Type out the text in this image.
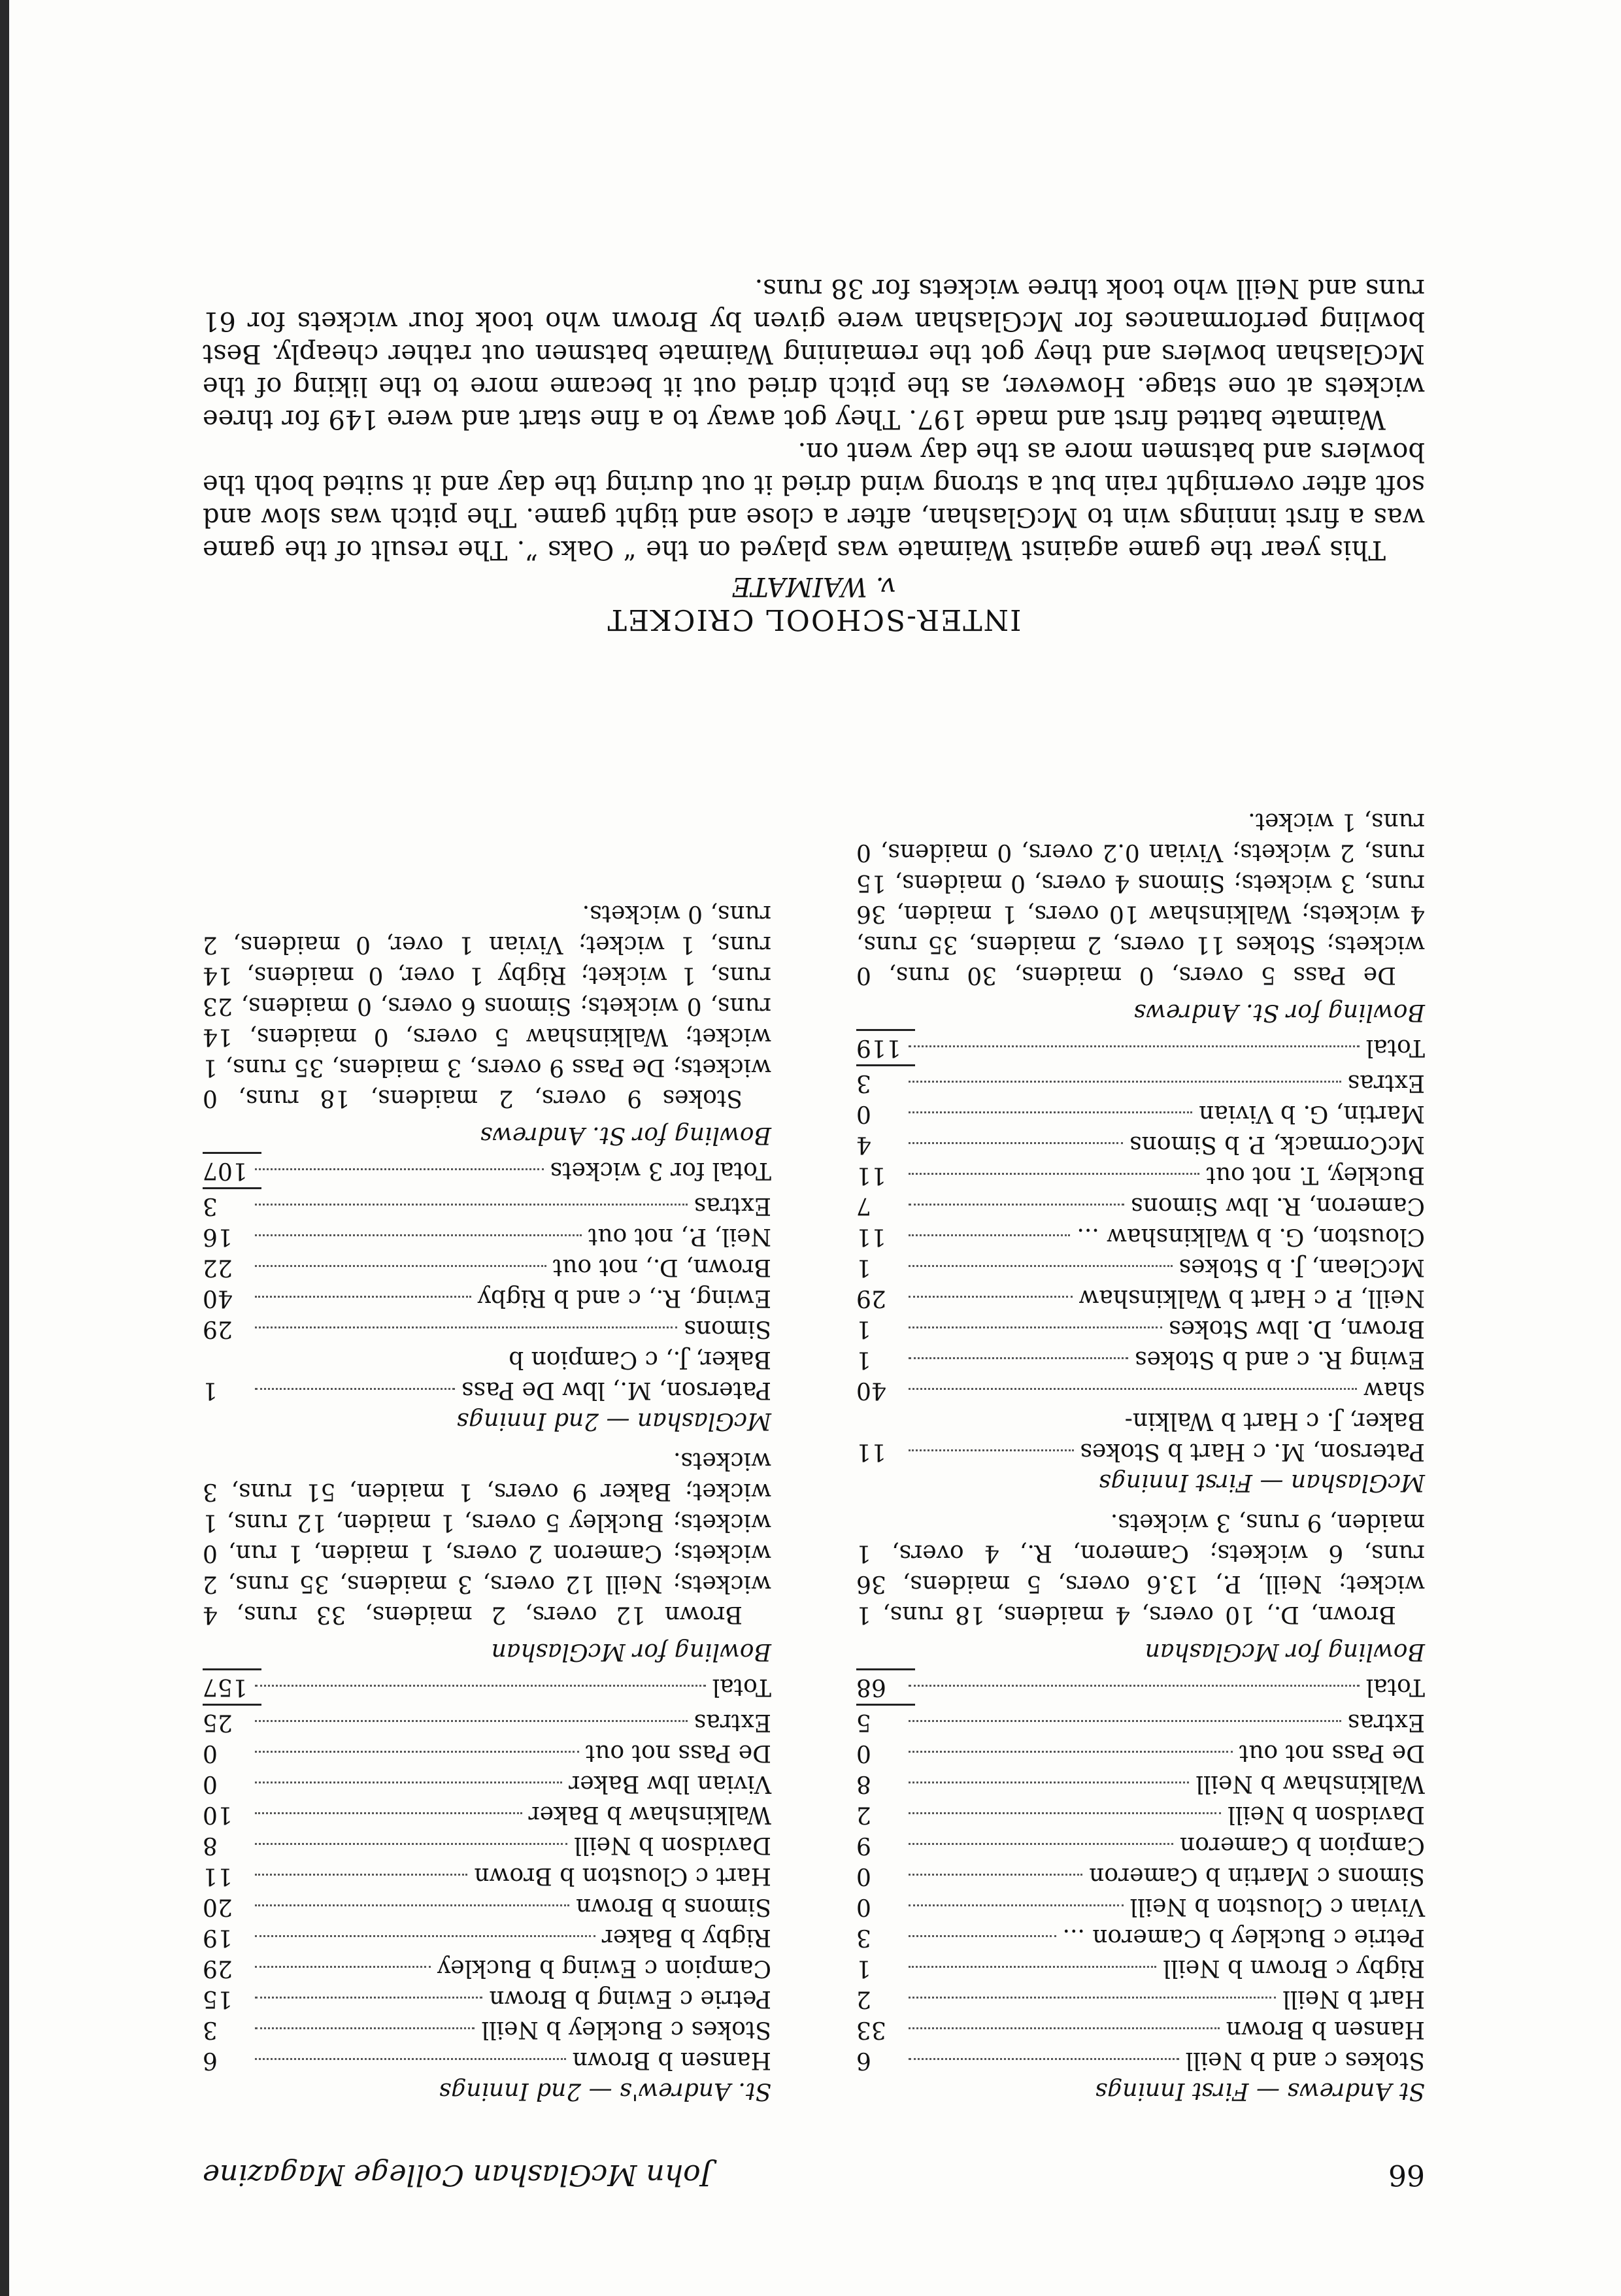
66
John McGlashan College Magazine

St Andrews — First Innings

Stokes c and b Neill
6
Hansen b Brown
33
Hart b Neill
2
Rigby c Brown b Neill
1
Petrie c Buckley b Cameron ...
3
Vivian c Clouston b Neill
0
Simons c Martin b Cameron
0
Campion b Cameron
9
Davidson b Neill
2
Walkinshaw b Neill
8
De Pass not out
0
Extras
5
Total
68

Bowling for McGlashan

Brown, D., 10 overs, 4 maidens, 18 runs, 1 wicket; Neill, P., 13.6 overs, 5 maidens, 36 runs, 6 wickets; Cameron, R., 4 overs, 1 maiden, 9 runs, 3 wickets.

McGlashan — First Innings

Paterson, M. c Hart b Stokes
11
Baker, J. c Hart b Walkin-
shaw
40
Ewing R. c and b Stokes
1
Brown, D. lbw Stokes
1
Neill, P. c Hart b Walkinshaw
29
McClean, J. b Stokes
1
Clouston, G. b Walkinshaw ...
11
Cameron, R. lbw Simons
7
Buckley, T. not out
11
McCormack, P. b Simons
4
Martin, G. b Vivian
0
Extras
3
Total
119

Bowling for St. Andrews

De Pass 5 overs, 0 maidens, 30 runs, 0 wickets; Stokes 11 overs, 2 maidens, 35 runs, 4 wickets; Walkinshaw 10 overs, 1 maiden, 36 runs, 3 wickets; Simons 4 overs, 0 maidens, 15 runs, 2 wickets; Vivian 0.2 overs, 0 maidens, 0 runs, 1 wicket.

St. Andrew's — 2nd Innings

Hansen b Brown
6
Stokes c Buckley b Neill
3
Petrie c Ewing b Brown
15
Campion c Ewing b Buckley
29
Rigby b Baker
19
Simons b Brown
20
Hart c Clouston b Brown
11
Davidson b Neill
8
Walkinshaw b Baker
10
Vivian lbw Baker
0
De Pass not out
0
Extras
25
Total
157

Bowling for McGlashan

Brown 12 overs, 2 maidens, 33 runs, 4 wickets; Neill 12 overs, 3 maidens, 35 runs, 2 wickets; Cameron 2 overs, 1 maiden, 1 run, 0 wickets; Buckley 5 overs, 1 maiden, 12 runs, 1 wicket; Baker 9 overs, 1 maiden, 51 runs, 3 wickets.

McGlashan — 2nd Innings

Paterson, M., lbw De Pass
1
Baker, J., c Campion b
Simons
29
Ewing, R., c and b Rigby
40
Brown, D., not out
22
Neil, P., not out
16
Extras
3
Total for 3 wickets
107

Bowling for St. Andrews

Stokes 9 overs, 2 maidens, 18 runs, 0 wickets; De Pass 9 overs, 3 maidens, 35 runs, 1 wicket; Walkinshaw 5 overs, 0 maidens, 14 runs, 0 wickets; Simons 6 overs, 0 maidens, 23 runs, 1 wicket; Rigby 1 over, 0 maidens, 14 runs, 1 wicket; Vivian 1 over, 0 maidens, 2 runs, 0 wickets.

INTER-SCHOOL CRICKET
v. WAIMATE

This year the game against Waimate was played on the “ Oaks ”. The result of the game was a first innings win to McGlashan, after a close and tight game. The pitch was slow and soft after overnight rain but a strong wind dried it out during the day and it suited both the bowlers and batsmen more as the day went on.

Waimate batted first and made 197. They got away to a fine start and were 149 for three wickets at one stage. However, as the pitch dried out it became more to the liking of the McGlashan bowlers and they got the remaining Waimate batsmen out rather cheaply. Best bowling performances for McGlashan were given by Brown who took four wickets for 61 runs and Neill who took three wickets for 38 runs.
